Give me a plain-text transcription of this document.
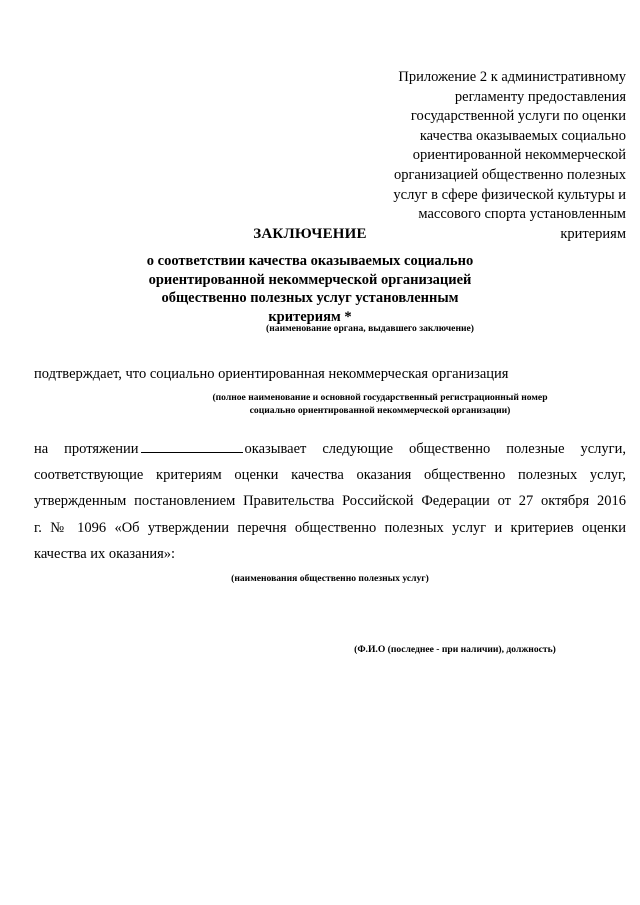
Приложение 2 к административному
регламенту предоставления
государственной услуги по оценки
качества оказываемых социально
ориентированной некоммерческой
организацией общественно полезных
услуг в сфере физической культуры и
массового спорта установленным
критериям
ЗАКЛЮЧЕНИЕ
о соответствии качества оказываемых социально
ориентированной некоммерческой организацией
общественно полезных услуг установленным
критериям *
(наименование органа, выдавшего заключение)
подтверждает, что социально ориентированная некоммерческая организация
(полное наименование и основной государственный регистрационный номер
социально ориентированной некоммерческой организации)
на протяжении	оказывает следующие общественно полезные услуги,
соответствующие критериям оценки качества оказания общественно полезных услуг,
утвержденным постановлением Правительства Российской Федерации от 27 октября 2016
г. № 1096 «Об утверждении перечня общественно полезных услуг и критериев оценки
качества их оказания»:
(наименования общественно полезных услуг)
(Ф.И.О (последнее - при наличии), должность)
